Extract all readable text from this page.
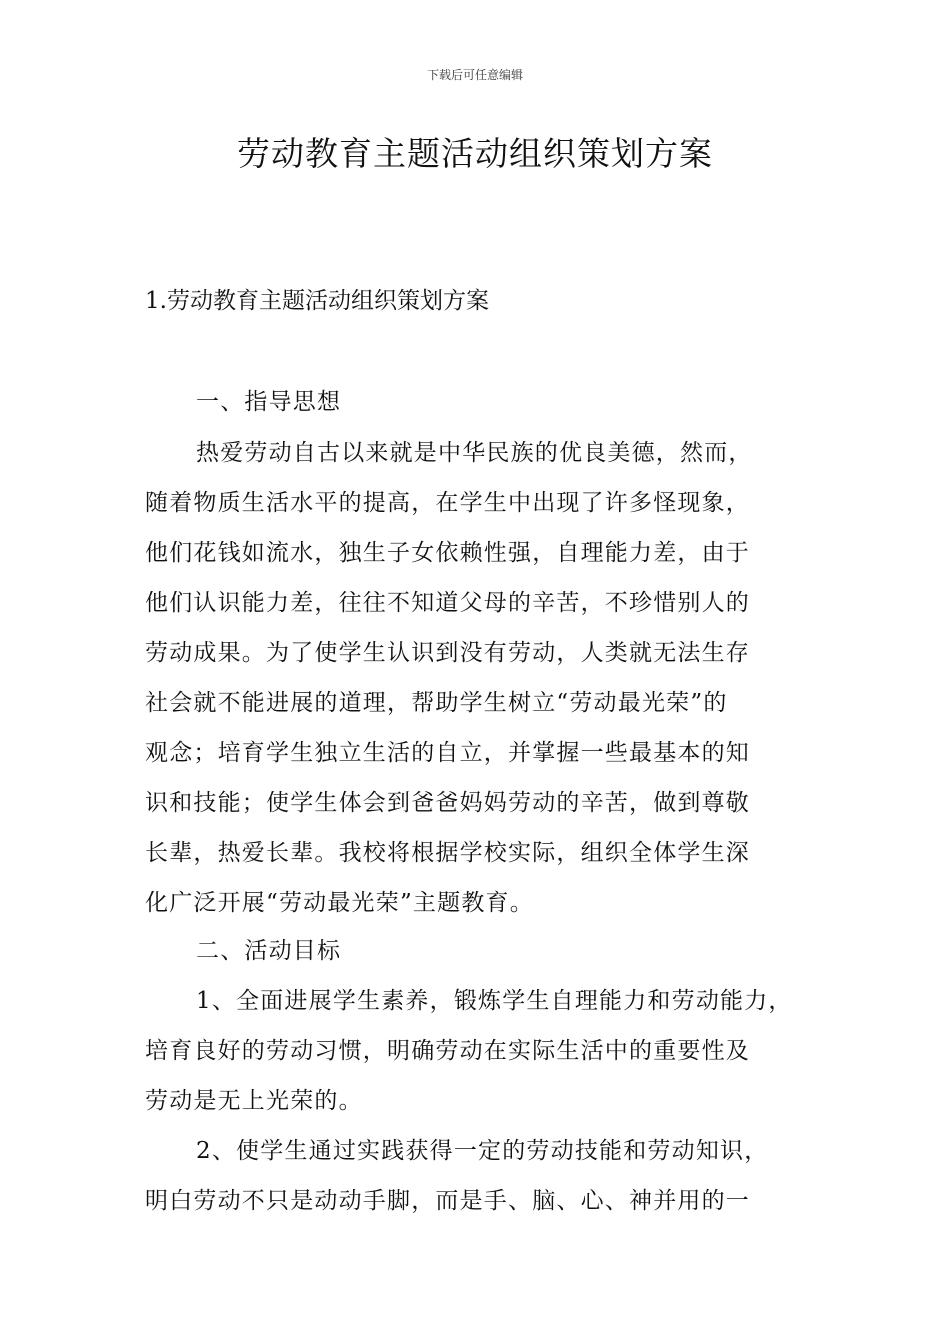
下载后可任意编辑
劳动教育主题活动组织策划方案
1.劳动教育主题活动组织策划方案
一、指导思想
热爱劳动自古以来就是中华民族的优良美德，然而，
随着物质生活水平的提高，在学生中出现了许多怪现象，
他们花钱如流水，独生子女依赖性强，自理能力差，由于
他们认识能力差，往往不知道父母的辛苦，不珍惜别人的
劳动成果。为了使学生认识到没有劳动，人类就无法生存
社会就不能进展的道理，帮助学生树立“劳动最光荣”的
观念；培育学生独立生活的自立，并掌握一些最基本的知
识和技能；使学生体会到爸爸妈妈劳动的辛苦，做到尊敬
长辈，热爱长辈。我校将根据学校实际，组织全体学生深
化广泛开展“劳动最光荣”主题教育。
二、活动目标
1、全面进展学生素养，锻炼学生自理能力和劳动能力，
培育良好的劳动习惯，明确劳动在实际生活中的重要性及
劳动是无上光荣的。
2、使学生通过实践获得一定的劳动技能和劳动知识，
明白劳动不只是动动手脚，而是手、脑、心、神并用的一
